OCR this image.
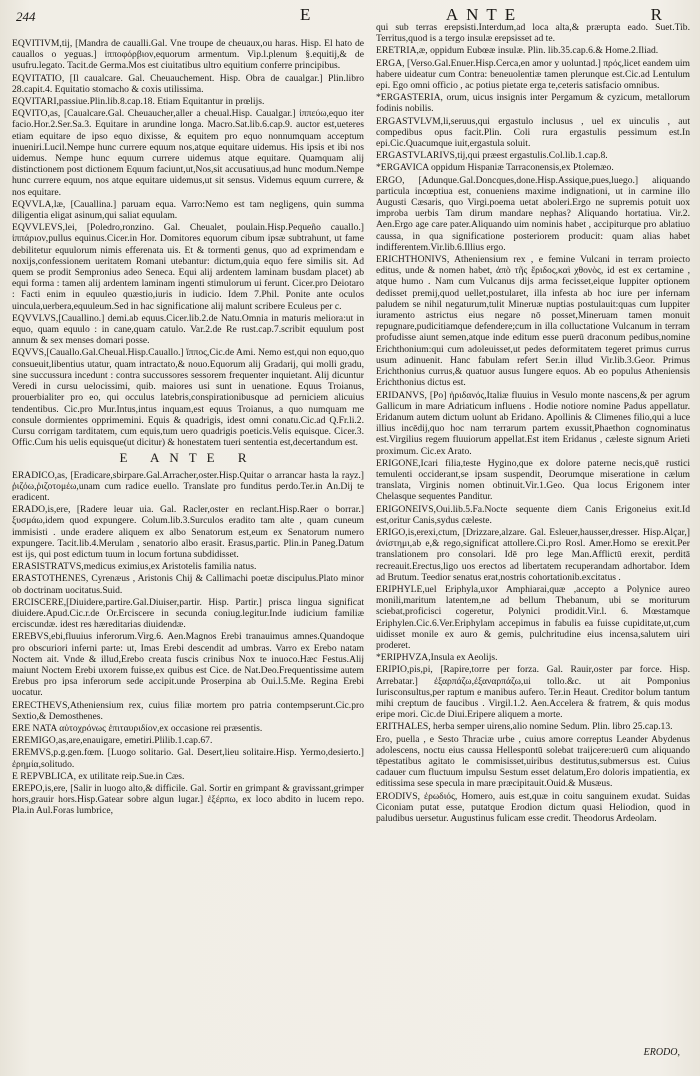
244	E	ANTE	R

EQVITIVM,tij, [Mandra de caualli.Gal. Vne troupe de cheuaux,ou haras. Hisp. El hato de cauallos o yeguas.] ἱπποφόρβιον,equorum armentum. Vip.l.plenum §.equitij,& de usufru.legato. Tacit.de Germa.Mos est ciuitatibus ultro equitium conferre principibus.

EQVITATIO, [Il caualcare. Gal. Cheuauchement. Hisp. Obra de caualgar.] Plin.libro 28.capit.4. Equitatio stomacho & coxis utilissima.

EQVITARI,passiue.Plin.lib.8.cap.18. Etiam Equitantur in prœlijs.

EQVITO,as, [Caualcare.Gal. Cheuaucher,aller a cheual.Hisp. Caualgar.] ἱππεύω,equo iter facio.Hor.2.Ser.Sa.3. Equitare in arundine longa. Macro.Sat.lib.6.cap.9. auctor est,ueteres etiam equitare de ipso equo dixisse, & equitem pro equo nonnumquam acceptum inueniri.Lucil.Nempe hunc currere equum nos,atque equitare uidemus. His ipsis et ibi nos uidemus. Nempe hunc equum currere uidemus atque equitare. Quamquam alij distinctionem post dictionem Equum faciunt,ut,Nos,sit accusatiuus,ad hunc modum.Nempe hunc currere equum, nos atque equitare uidemus,ut sit sensus. Videmus equum currere, & nos equitare.

EQVVLA,læ, [Cauallina.] paruam equa. Varro:Nemo est tam negligens, quin summa diligentia eligat asinum,qui saliat equulam.

EQVVLEVS,lei, [Poledro,ronzino. Gal. Cheualet, poulain.Hisp.Pequeño cauallo.] ἱππάριον,pullus equinus.Cicer.in Hor. Domitores equorum cibum ipsæ subtrahunt, ut fame debilitetur equulorum nimis efferenata uis. Et & tormenti genus, quo ad exprimendam e noxijs,confessionem ueritatem Romani utebantur: dictum,quia equo fere similis sit. Ad quem se prodit Sempronius adeo Seneca. Equi alij ardentem laminam busdam placet) ab equi forma : tamen alij ardentem laminam ingenti stimulorum ui ferunt. Cicer.pro Deiotaro : Facti enim in equuleo quæstio,iuris in iudicio. Idem 7.Phil. Ponite ante oculos uincula,uerbera,equuleum.Sed in hac significatione alij malunt scribere Eculeus per c.

EQVVLVS,[Cauallino.] demi.ab equus.Cicer.lib.2.de Natu.Omnia in maturis meliora:ut in equo, quam equulo : in cane,quam catulo. Var.2.de Re rust.cap.7.scribit equulum post annum & sex menses domari posse.

EQVVS,[Cauallo.Gal.Cheual.Hisp.Cauallo.] ἵππος,Cic.de Ami. Nemo est,qui non equo,quo consueuit,libentius utatur, quam intractato,& nouo.Equorum alij Gradarij, qui molli gradu, sine succussura incedunt : contra succussores sessorem frequenter inquietant. Alij dicuntur Veredi in cursu uelocissimi, quib. maiores usi sunt in uenatione. Equus Troianus, prouerbialiter pro eo, qui occulus latebris,conspirationibusque ad perniciem alicuius tendentibus. Cic.pro Mur.Intus,intus inquam,est equus Troianus, a quo numquam me consule dormientes opprimemini. Equis & quadrigis, idest omni conatu.Cic.ad Q.Fr.li.2. Cursu corrigam tarditatem, cum equis,tum uero quadrigis poeticis.Velis equisque. Cicer.3. Offic.Cum his uelis equisque(ut dicitur) & honestatem tueri sententia est,decertandum est.

E ANTE R

ERADICO,as, [Eradicare,sbirpare.Gal.Arracher,oster.Hisp.Quitar o arrancar hasta la rayz.] ῥιζόω,ῥιζοτομέω,unam cum radice euello. Translate pro funditus perdo.Ter.in An.Dij te eradicent.

ERADO,is,ere, [Radere leuar uia. Gal. Racler,oster en reclant.Hisp.Raer o borrar.] ξυσμάω,idem quod expungere. Colum.lib.3.Surculos eradito tam alte , quam cuneum immisisti . unde eradere aliquem ex albo Senatorum est,eum ex Senatorum numero expungere. Tacit.lib.4.Merulam , senatorio albo erasit. Erasus,partic. Plin.in Paneg.Datum est ijs, qui post edictum tuum in locum fortuna subdidisset.

ERASISTRATVS,medicus eximius,ex Aristotelis familia natus.

ERASTOTHENES, Cyrenæus , Aristonis Chij & Callimachi poetæ discipulus.Plato minor ob doctrinam uocitatus.Suid.

ERCISCERE,[Diuidere,partire.Gal.Diuiser,partir. Hisp. Partir.] prisca lingua significat diuidere.Apud.Cic.r.de Or.Erciscere in secunda coniug.legitur.Inde iudicium familiæ erciscundæ. idest res hæreditarias diuidendæ.

EREBVS,ebi,fluuius inferorum.Virg.6. Aen.Magnos Erebi tranauimus amnes.Quandoque pro obscuriori inferni parte: ut, Imas Erebi descendit ad umbras. Varro ex Erebo natam Noctem ait. Vnde & illud,Erebo creata fuscis crinibus Nox te inuoco.Hæc Festus.Alij maiunt Noctem Erebi uxorem fuisse,ex quibus est Cice. de Nat.Deo.Frequentissime autem Erebus pro ipsa inferorum sede accipit.unde Proserpina ab Oui.l.5.Me. Regina Erebi uocatur.

ERECTHEVS,Atheniensium rex, cuius filiæ mortem pro patria contempserunt.Cic.pro Sextio,& Demosthenes.

ERE NATA αὐτοχρόνως ἐπιταυριδίον,ex occasione rei præsentis.

EREMIGO,as,are,enauigare, emetiri.Plilib.1.cap.67.

EREMVS,p.g.gen.fœm. [Luogo solitario. Gal. Desert,lieu solitaire.Hisp. Yermo,desierto.] ἐρημία,solitudo.

E REPVBLICA, ex utilitate reip.Sue.in Cæs.

EREPO,is,ere, [Salir in luogo alto,& difficile. Gal. Sortir en grimpant & gravissant,grimper hors,grauir hors.Hisp.Gatear sobre algun lugar.] ἐξέρπω, ex loco abdito in lucem repo. Pla.in Aul.Foras lumbrice,

qui sub terras erepsisti.Interdum,ad loca alta,& prærupta eado. Suet.Tib. Territus,quod is a tergo insulæ erepsisset ad te.

ERETRIA,æ, oppidum Eubœæ insulæ. Plin. lib.35.cap.6.& Home.2.Iliad.

ERGA, [Verso.Gal.Enuer.Hisp.Cerca,en amor y uoluntad.] πρός,licet eandem uim habere uideatur cum Contra: beneuolentiæ tamen plerunque est.Cic.ad Lentulum epi. Ego omni officio , ac potius pietate erga te,ceteris satisfacio omnibus.

*ERGASTERIA, orum, uicus insignis inter Pergamum & cyzicum, metallorum fodinis nobilis.

ERGASTVLVM,li,seruus,qui ergastulo inclusus , uel ex uinculis , aut compedibus opus facit.Plin. Coli rura ergastulis pessimum est.In epi.Cic.Quacumque iuit,ergastula soluit.

ERGASTVLARIVS,tij,qui præest ergastulis.Col.lib.1.cap.8.

*ERGAVICA oppidum Hispaniæ Tarraconensis,ex Ptolemæo.

ERGO, [Adunque.Gal.Doncques,done.Hisp.Assique,pues,luego.] aliquando particula incœptiua est, conueniens maxime indignationi, ut in carmine illo Augusti Cæsaris, quo Virgi.poema uetat aboleri.Ergo ne supremis potuit uox improba uerbis Tam dirum mandare nephas? Aliquando hortatiua. Vir.2. Aen.Ergo age care pater.Aliquando uim nominis habet , accipiturque pro ablatiuo caussa, in qua significatione posteriorem producit: quam alias habet indifferentem.Vir.lib.6.Illius ergo.

ERICHTHONIVS, Atheniensium rex , e femine Vulcani in terram proiecto editus, unde & nomen habet, ἀπὸ τῆς ἔριδος,καὶ χθονὸς, id est ex certamine , atque humo . Nam cum Vulcanus dijs arma fecisset,eique Iuppiter optionem dedisset premij,quod uellet,postularet, illa infesta ab hoc iure per infernam paludem se nihil negaturum,tulit Mineruæ nuptias postulauit:quas cum Iuppiter iuramento astrictus eius negare nō posset,Mineruam tamen monuit repugnare,pudicitiamque defendere;cum in illa colluctatione Vulcanum in terram profudisse aiunt semen,atque inde editum esse puerū draconum pedibus,nomine Erichthonium:qui cum adoleuisset,ut pedes deformitatem tegeret primus currus usum adinuenit. Hanc fabulam refert Ser.in illud Vir.lib.3.Geor. Primus Erichthonius currus,& quatuor ausus Iungere equos. Ab eo populus Atheniensis Erichthonius dictus est.

ERIDANVS, [Po] ἠριδανός,Italiæ fluuius in Vesulo monte nascens,& per agrum Gallicum in mare Adriaticum influens . Hodie notiore nomine Padus appellatur. Eridanum autem dictum uolunt ab Eridano. Apollinis & Climenes filio,qui a luce illius incēdij,quo hoc nam terrarum partem exussit,Phaethon cognominatus est.Virgilius regem fluuiorum appellat.Est item Eridanus , cæleste signum Arieti proximum. Cic.ex Arato.

ERIGONE,Icari filia,teste Hygino,que ex dolore paterne necis,quē rustici temulenti occiderant,se ipsam suspendit, Deorumque miseratione in cælum translata, Virginis nomen obtinuit.Vir.1.Geo. Qua locus Erigonem inter Chelasque sequentes Panditur.

ERIGONEIVS,Oui.lib.5.Fa.Nocte sequente diem Canis Erigoneius exit.Id est,oritur Canis,sydus cæleste.

ERIGO,is,erexi,ctum, [Drizzare,alzare. Gal. Esleuer,hausser,dresser. Hisp.Alçar,] ἀνίστημι,ab e,& rego,significat attollere.Ci.pro Rosl. Amer.Homo se erexit.Per translationem pro consolari. Idē pro lege Man.Afflictū erexit, perditā recreauit.Erectus,ligo uos erectos ad libertatem recuperandam adhortabor. Idem ad Brutum. Teedior senatus erat,nostris cohortationib.excitatus .

ERIPHYLE,uel Eriphyla,uxor Amphiarai,quæ ,accepto a Polynice aureo monili,maritum latentem,ne ad bellum Thebanum, ubi se moriturum sciebat,proficisci cogeretur, Polynici prodidit.Vir.l. 6. Mœstamque Eriphylen.Cic.6.Ver.Eriphylam accepimus in fabulis ea fuisse cupiditate,ut,cum uidisset monile ex auro & gemis, pulchritudine eius incensa,salutem uiri proderet.

*ERIPHVZA,Insula ex Aeolijs.

ERIPIO,pis,pi, [Rapire,torre per forza. Gal. Rauir,oster par force. Hisp. Arrebatar.] ἐξαρπάζω,ἐξαναρπάζω,ui tollo.&c. ut ait Pomponius Iurisconsultus,per raptum e manibus aufero. Ter.in Heaut. Creditor bolum tantum mihi creptum de faucibus . Virgil.1.2. Aen.Accelera & fratrem, & quis modus eripe mori. Cic.de Diui.Eripere aliquem a morte.

ERITHALES, herba semper uirens,alio nomine Sedum. Plin. libro 25.cap.13.

Ero, puella , e Sesto Thraciæ urbe , cuius amore correptus Leander Abydenus adolescens, noctu eius caussa Hellespontū solebat traijcere:uerū cum aliquando tēpestatibus agitato le commisisset,uiribus destitutus,submersus est. Cuius cadauer cum fluctuum impulsu Sestum esset delatum,Ero doloris impatientia, ex editissima sese specula in mare præcipitauit.Ouid.& Musæus.

ERODIVS, ἐρωδιός, Homero, auis est,quæ in coitu sanguinem exudat. Suidas Ciconiam putat esse, putatque Erodion dictum quasi Heliodion, quod in paludibus uersetur. Augustinus fulicam esse credit. Theodorus Ardeolam.

ERODO,
